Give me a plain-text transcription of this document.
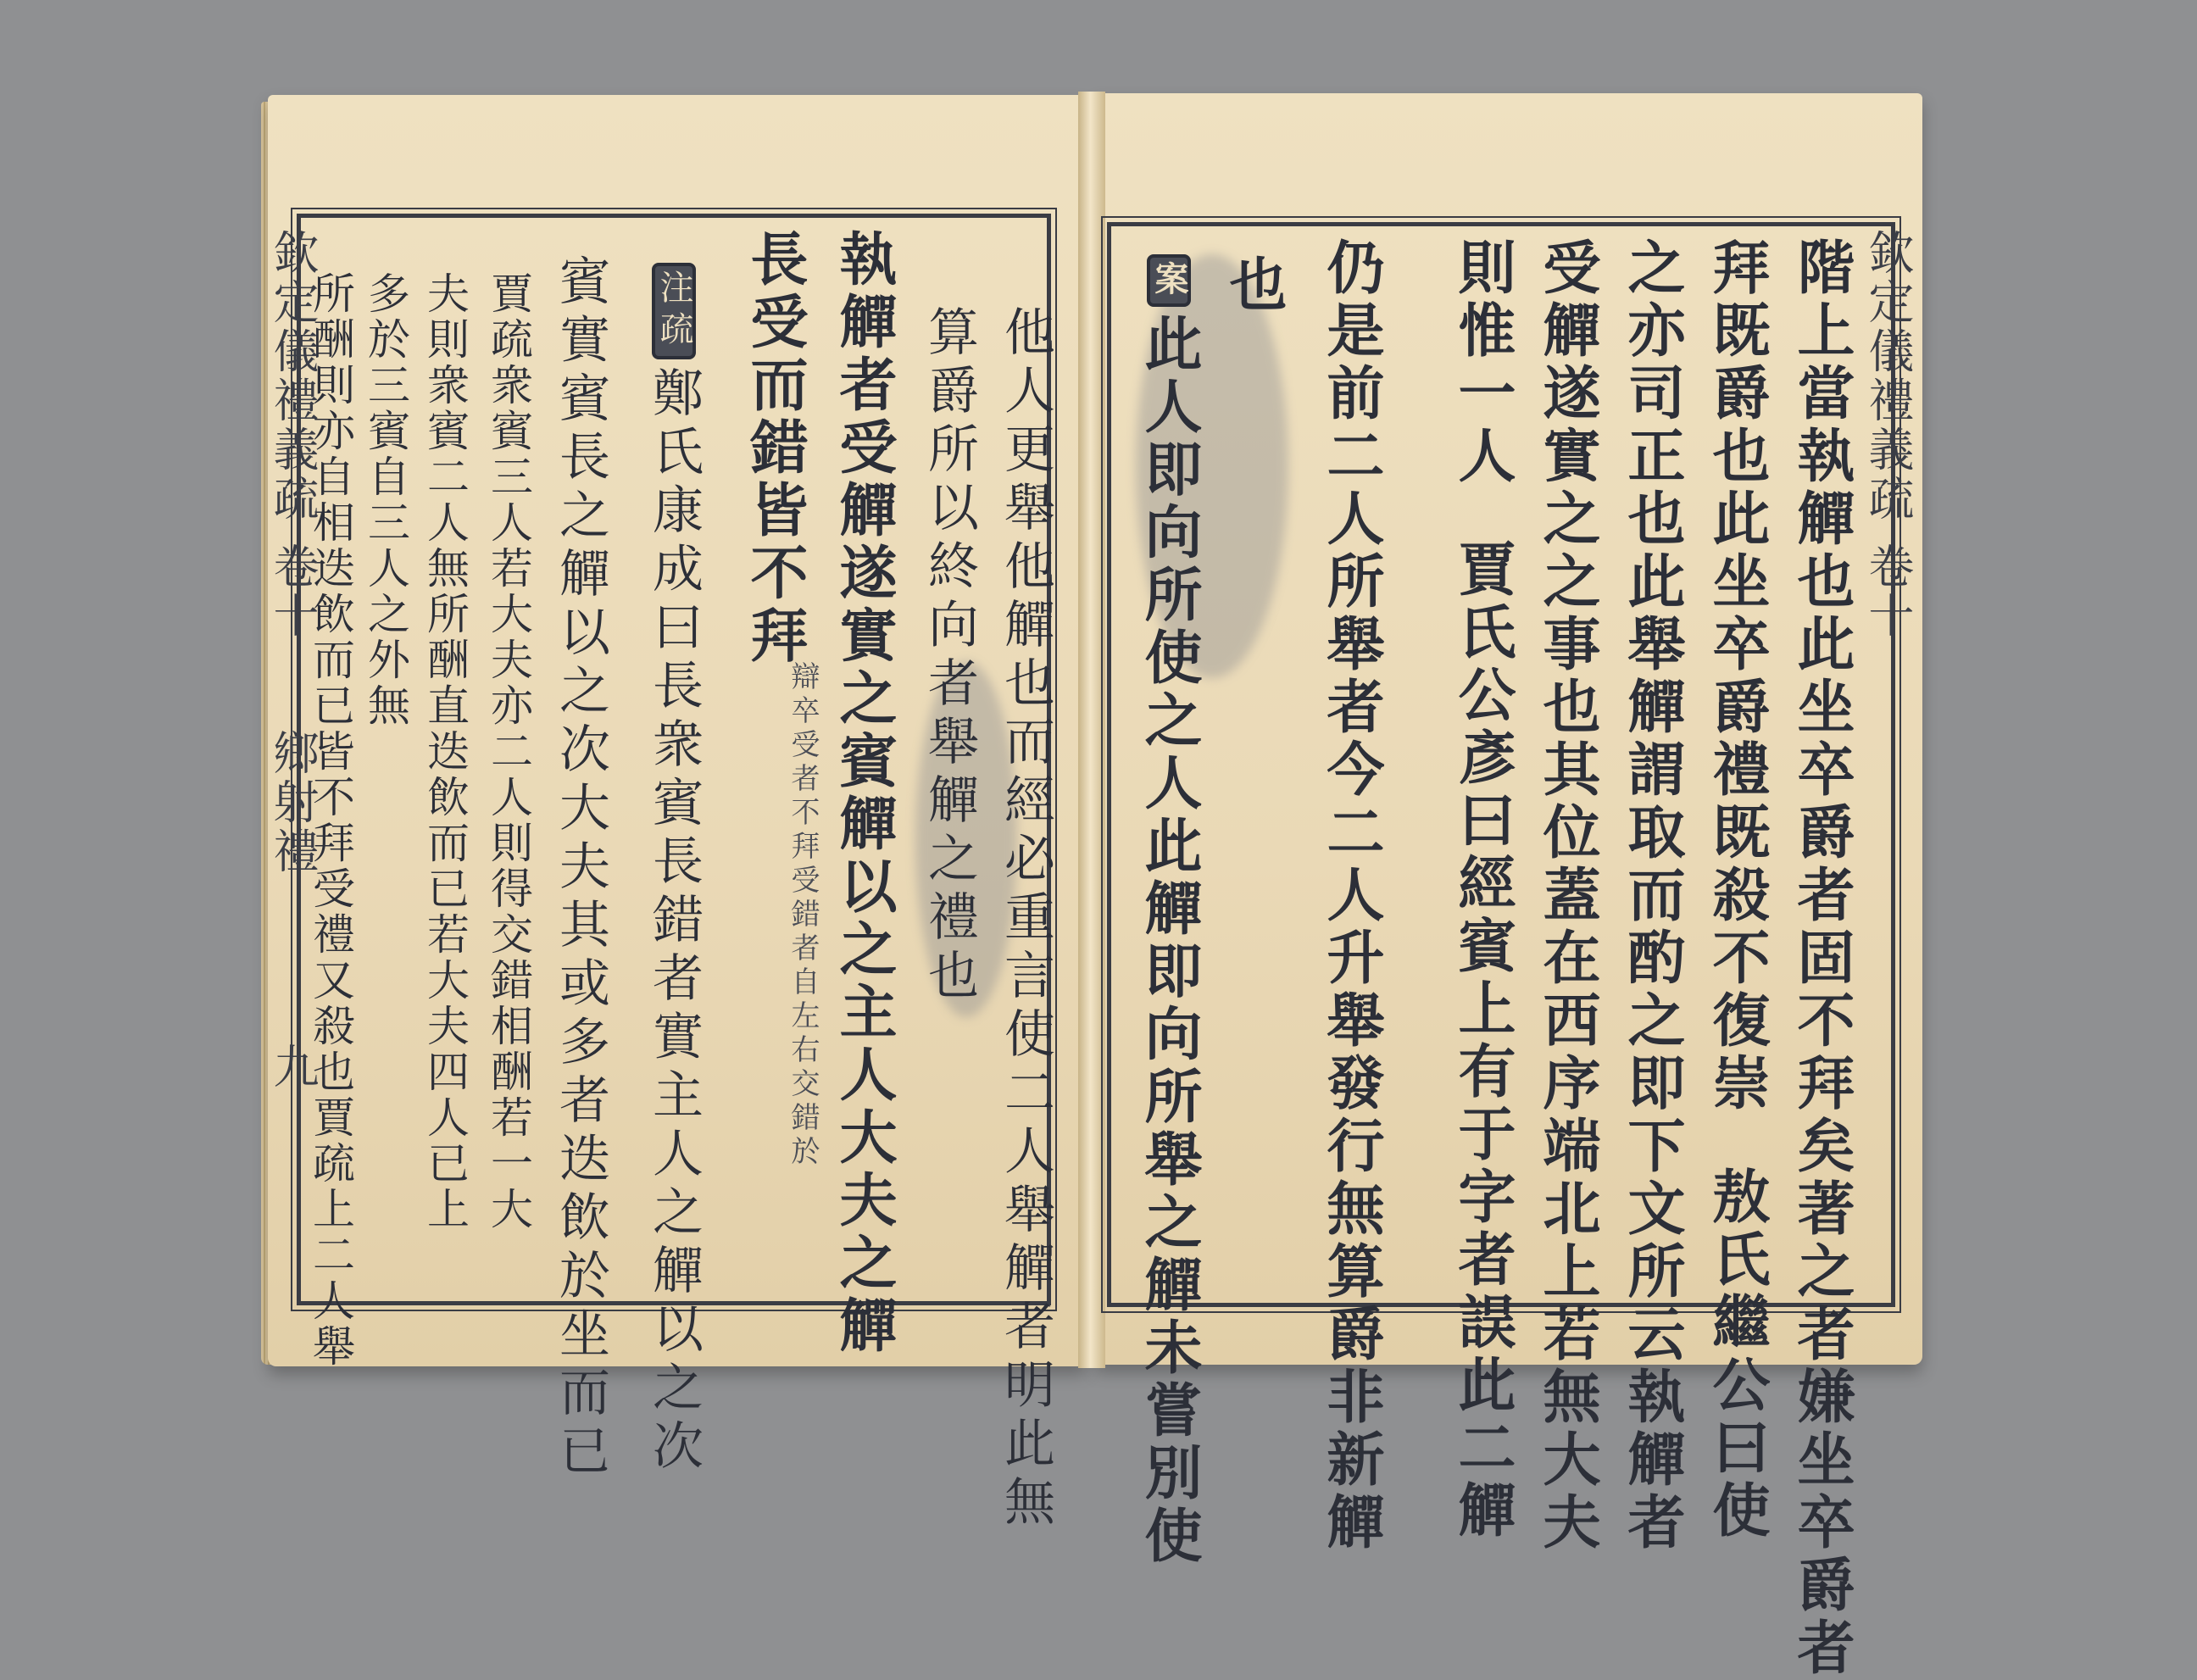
他人更舉他觶也而經必重言使二人舉觶者明此無
算爵所以終向者舉觶之禮也
執觶者受觶遂實之賓觶以之主人大夫之觶
長受而錯皆不拜
辯卒受者不拜受錯者自左右交錯於
注疏鄭氏康成曰長衆賓長錯者實主人之觶以之次
賓實賓長之觶以之次大夫其或多者迭飲於坐而已
賈疏衆賓三人若大夫亦二人則得交錯相酬若一大
夫則衆賓二人無所酬直迭飲而已若大夫四人已上
多於三賓自三人之外無
所酬則亦自相迭飲而已皆不拜受禮又殺也賈疏上二人舉
欽定儀禮義疏
卷十
鄉射禮
九
欽定儀禮義疏
卷十
階上當執觶也此坐卒爵者固不拜矣著之者嫌坐卒爵者
拜既爵也此坐卒爵禮既殺不復崇敖氏繼公曰使
之亦司正也此舉觶謂取而酌之即下文所云執觶者
受觶遂實之之事也其位蓋在西序端北上若無大夫
則惟一人賈氏公彥曰經賓上有于字者誤此二觶
仍是前二人所舉者今二人升舉發行無算爵非新觶
也
案此人即向所使之人此觶即向所舉之觶未嘗別使
